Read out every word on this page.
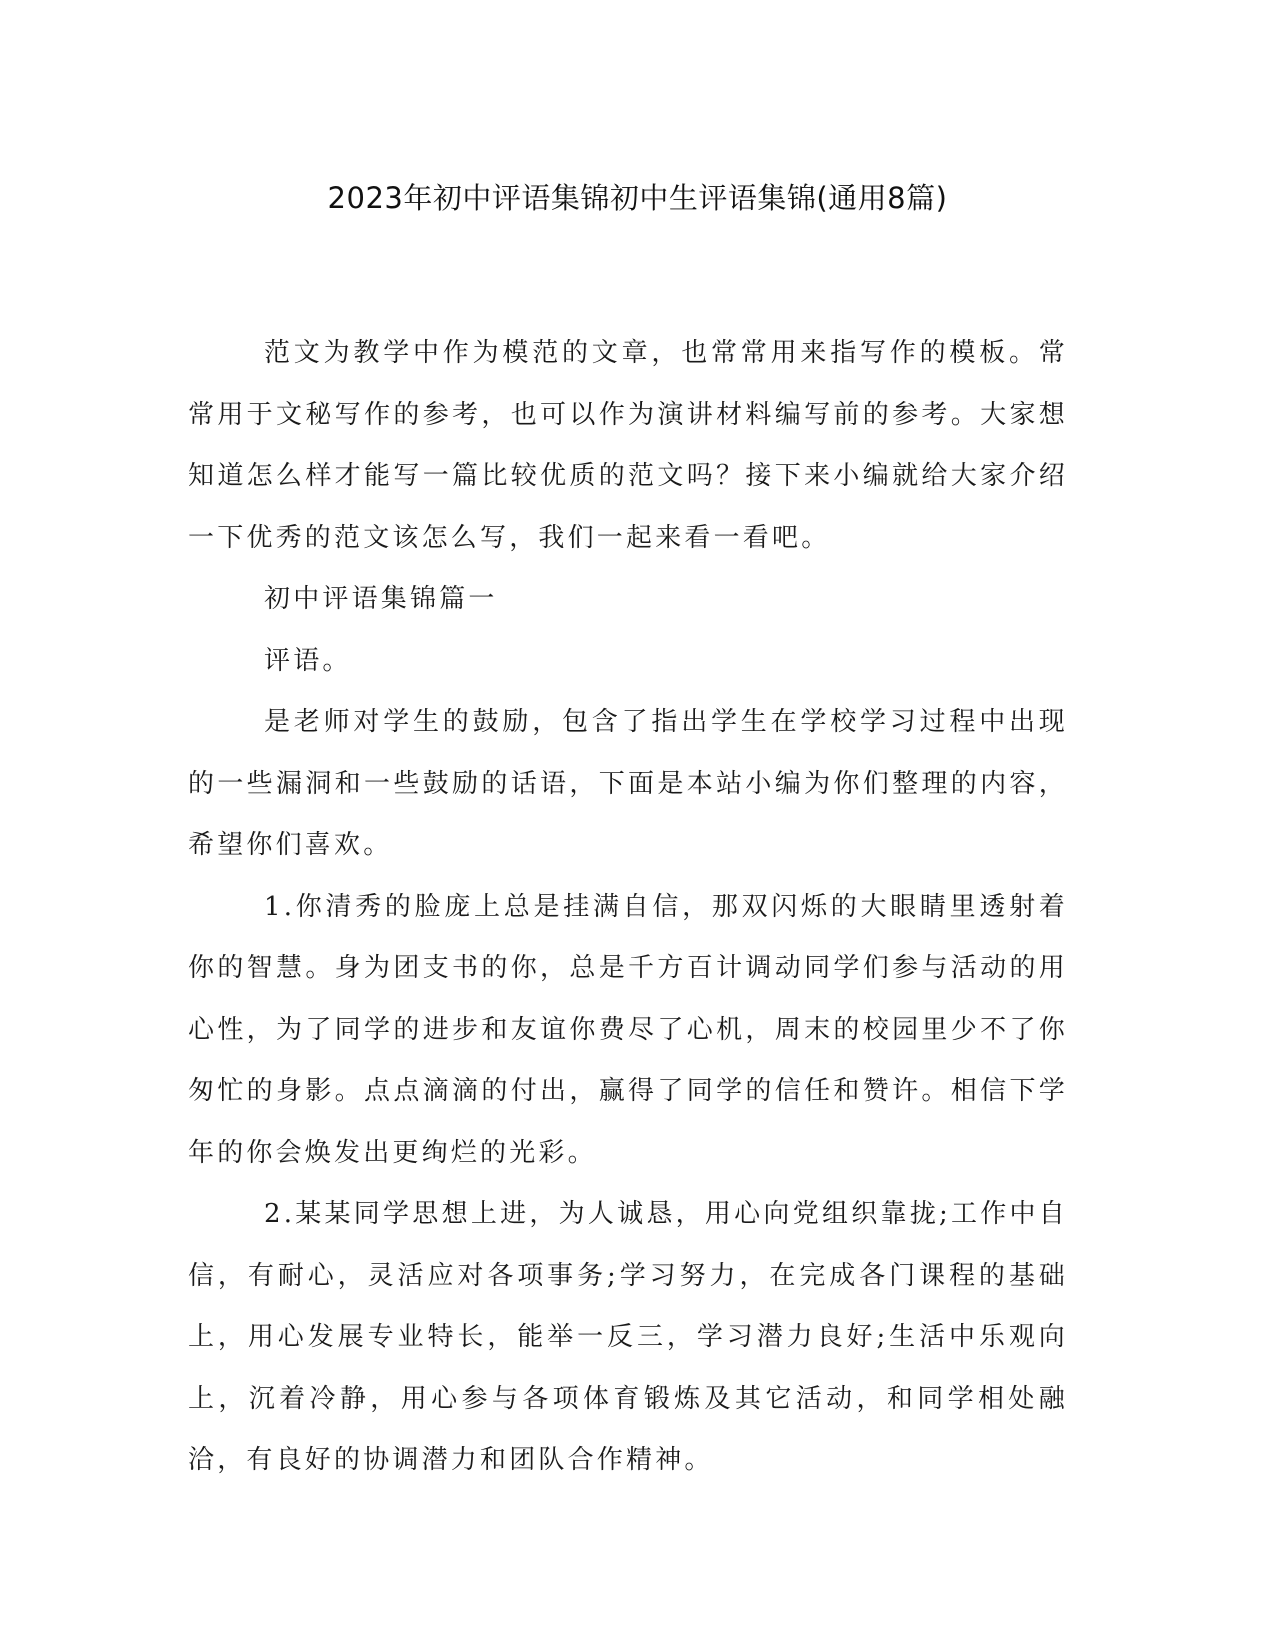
2023年初中评语集锦初中生评语集锦(通用8篇)

范文为教学中作为模范的文章，也常常用来指写作的模板。常常用于文秘写作的参考，也可以作为演讲材料编写前的参考。大家想知道怎么样才能写一篇比较优质的范文吗？接下来小编就给大家介绍一下优秀的范文该怎么写，我们一起来看一看吧。

初中评语集锦篇一

评语。

是老师对学生的鼓励，包含了指出学生在学校学习过程中出现的一些漏洞和一些鼓励的话语，下面是本站小编为你们整理的内容，希望你们喜欢。

1.你清秀的脸庞上总是挂满自信，那双闪烁的大眼睛里透射着你的智慧。身为团支书的你，总是千方百计调动同学们参与活动的用心性，为了同学的进步和友谊你费尽了心机，周末的校园里少不了你匆忙的身影。点点滴滴的付出，赢得了同学的信任和赞许。相信下学年的你会焕发出更绚烂的光彩。

2.某某同学思想上进，为人诚恳，用心向党组织靠拢;工作中自信，有耐心，灵活应对各项事务;学习努力，在完成各门课程的基础上，用心发展专业特长，能举一反三，学习潜力良好;生活中乐观向上，沉着冷静，用心参与各项体育锻炼及其它活动，和同学相处融洽，有良好的协调潜力和团队合作精神。
